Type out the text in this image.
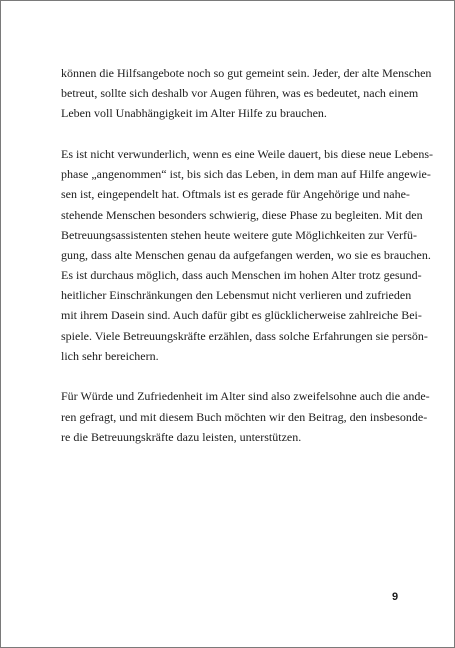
können die Hilfsangebote noch so gut gemeint sein. Jeder, der alte Menschen
betreut, sollte sich deshalb vor Augen führen, was es bedeutet, nach einem
Leben voll Unabhängigkeit im Alter Hilfe zu brauchen.
Es ist nicht verwunderlich, wenn es eine Weile dauert, bis diese neue Lebens-
phase „angenommen“ ist, bis sich das Leben, in dem man auf Hilfe angewie-
sen ist, eingependelt hat. Oftmals ist es gerade für Angehörige und nahe-
stehende Menschen besonders schwierig, diese Phase zu begleiten. Mit den
Betreuungsassistenten stehen heute weitere gute Möglichkeiten zur Verfü-
gung, dass alte Menschen genau da aufgefangen werden, wo sie es brauchen.
Es ist durchaus möglich, dass auch Menschen im hohen Alter trotz gesund-
heitlicher Einschränkungen den Lebensmut nicht verlieren und zufrieden
mit ihrem Dasein sind. Auch dafür gibt es glücklicherweise zahlreiche Bei-
spiele. Viele Betreuungskräfte erzählen, dass solche Erfahrungen sie persön-
lich sehr bereichern.
Für Würde und Zufriedenheit im Alter sind also zweifelsohne auch die ande-
ren gefragt, und mit diesem Buch möchten wir den Beitrag, den insbesonde-
re die Betreuungskräfte dazu leisten, unterstützen.
9
